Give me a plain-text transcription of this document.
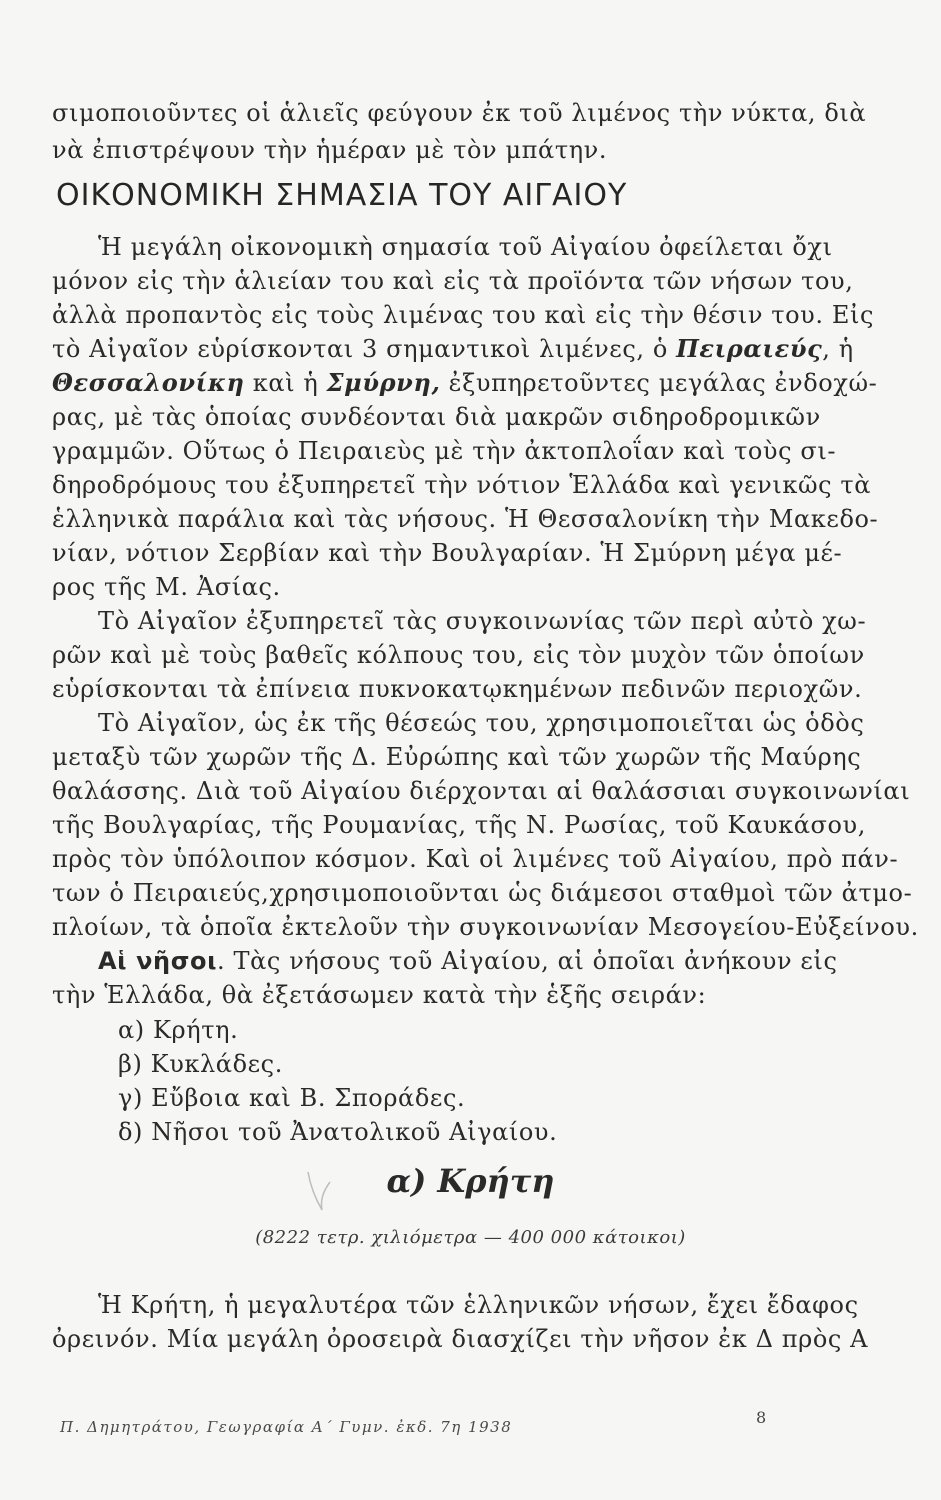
σιμοποιοῦντες οἱ ἁλιεῖς φεύγουν ἐκ τοῦ λιμένος τὴν νύκτα, διὰ
νὰ ἐπιστρέψουν τὴν ἡμέραν μὲ τὸν μπάτην.
ΟΙΚΟΝΟΜΙΚΗ ΣΗΜΑΣΙΑ ΤΟΥ ΑΙΓΑΙΟΥ
Ἡ μεγάλη οἰκονομικὴ σημασία τοῦ Αἰγαίου ὀφείλεται ὄχι
μόνον εἰς τὴν ἁλιείαν του καὶ εἰς τὰ προϊόντα τῶν νήσων του,
ἀλλὰ προπαντὸς εἰς τοὺς λιμένας του καὶ εἰς τὴν θέσιν του. Εἰς
τὸ Αἰγαῖον εὑρίσκονται 3 σημαντικοὶ λιμένες, ὁ Πειραιεύς, ἡ
Θεσσαλονίκη καὶ ἡ Σμύρνη, ἐξυπηρετοῦντες μεγάλας ἐνδοχώ-
ρας, μὲ τὰς ὁποίας συνδέονται διὰ μακρῶν σιδηροδρομικῶν
γραμμῶν. Οὕτως ὁ Πειραιεὺς μὲ τὴν ἀκτοπλοΐαν καὶ τοὺς σι-
δηροδρόμους του ἐξυπηρετεῖ τὴν νότιον Ἑλλάδα καὶ γενικῶς τὰ
ἑλληνικὰ παράλια καὶ τὰς νήσους. Ἡ Θεσσαλονίκη τὴν Μακεδο-
νίαν, νότιον Σερβίαν καὶ τὴν Βουλγαρίαν. Ἡ Σμύρνη μέγα μέ-
ρος τῆς Μ. Ἀσίας.
Τὸ Αἰγαῖον ἐξυπηρετεῖ τὰς συγκοινωνίας τῶν περὶ αὐτὸ χω-
ρῶν καὶ μὲ τοὺς βαθεῖς κόλπους του, εἰς τὸν μυχὸν τῶν ὁποίων
εὑρίσκονται τὰ ἐπίνεια πυκνοκατῳκημένων πεδινῶν περιοχῶν.
Τὸ Αἰγαῖον, ὡς ἐκ τῆς θέσεώς του, χρησιμοποιεῖται ὡς ὁδὸς
μεταξὺ τῶν χωρῶν τῆς Δ. Εὐρώπης καὶ τῶν χωρῶν τῆς Μαύρης
θαλάσσης. Διὰ τοῦ Αἰγαίου διέρχονται αἱ θαλάσσιαι συγκοινωνίαι
τῆς Βουλγαρίας, τῆς Ρουμανίας, τῆς Ν. Ρωσίας, τοῦ Καυκάσου,
πρὸς τὸν ὑπόλοιπον κόσμον. Καὶ οἱ λιμένες τοῦ Αἰγαίου, πρὸ πάν-
των ὁ Πειραιεύς,χρησιμοποιοῦνται ὡς διάμεσοι σταθμοὶ τῶν ἀτμο-
πλοίων, τὰ ὁποῖα ἐκτελοῦν τὴν συγκοινωνίαν Μεσογείου-Εὐξείνου.
Αἱ νῆσοι. Τὰς νήσους τοῦ Αἰγαίου, αἱ ὁποῖαι ἀνήκουν εἰς
τὴν Ἑλλάδα, θὰ ἐξετάσωμεν κατὰ τὴν ἑξῆς σειράν:
α) Κρήτη.
β) Κυκλάδες.
γ) Εὔβοια καὶ Β. Σποράδες.
δ) Νῆσοι τοῦ Ἀνατολικοῦ Αἰγαίου.
α) Κρήτη
(8222 τετρ. χιλιόμετρα — 400 000 κάτοικοι)
Ἡ Κρήτη, ἡ μεγαλυτέρα τῶν ἑλληνικῶν νήσων, ἔχει ἔδαφος
ὀρεινόν. Μία μεγάλη ὀροσειρὰ διασχίζει τὴν νῆσον ἐκ Δ πρὸς Α
Π. Δημητράτου, Γεωγραφία Α΄ Γυμν. ἐκδ. 7η 1938	8
